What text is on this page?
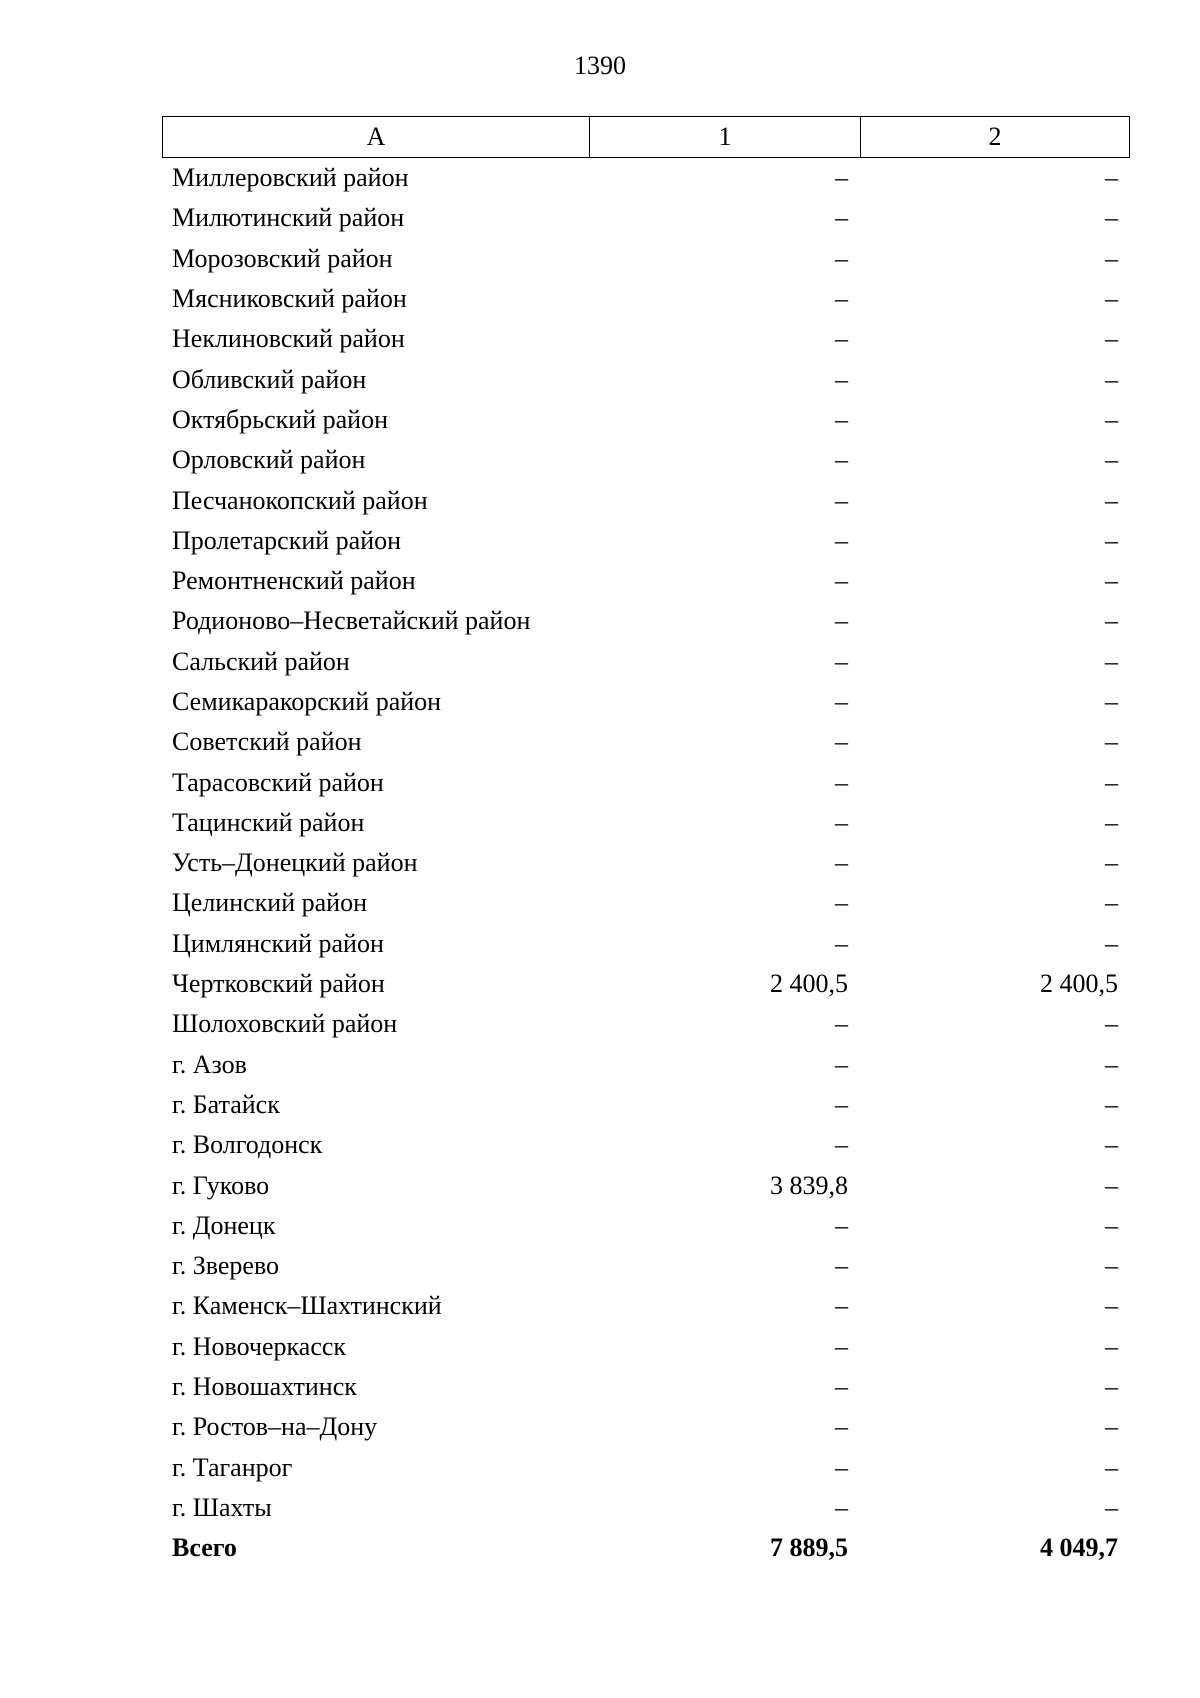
1390
А	1	2
Миллеровский район	–	–
Милютинский район	–	–
Морозовский район	–	–
Мясниковский район	–	–
Неклиновский район	–	–
Обливский район	–	–
Октябрьский район	–	–
Орловский район	–	–
Песчанокопский район	–	–
Пролетарский район	–	–
Ремонтненский район	–	–
Родионово–Несветайский район	–	–
Сальский район	–	–
Семикаракорский район	–	–
Советский район	–	–
Тарасовский район	–	–
Тацинский район	–	–
Усть–Донецкий район	–	–
Целинский район	–	–
Цимлянский район	–	–
Чертковский район	2 400,5	2 400,5
Шолоховский район	–	–
г. Азов	–	–
г. Батайск	–	–
г. Волгодонск	–	–
г. Гуково	3 839,8	–
г. Донецк	–	–
г. Зверево	–	–
г. Каменск–Шахтинский	–	–
г. Новочеркасск	–	–
г. Новошахтинск	–	–
г. Ростов–на–Дону	–	–
г. Таганрог	–	–
г. Шахты	–	–
Всего	7 889,5	4 049,7
